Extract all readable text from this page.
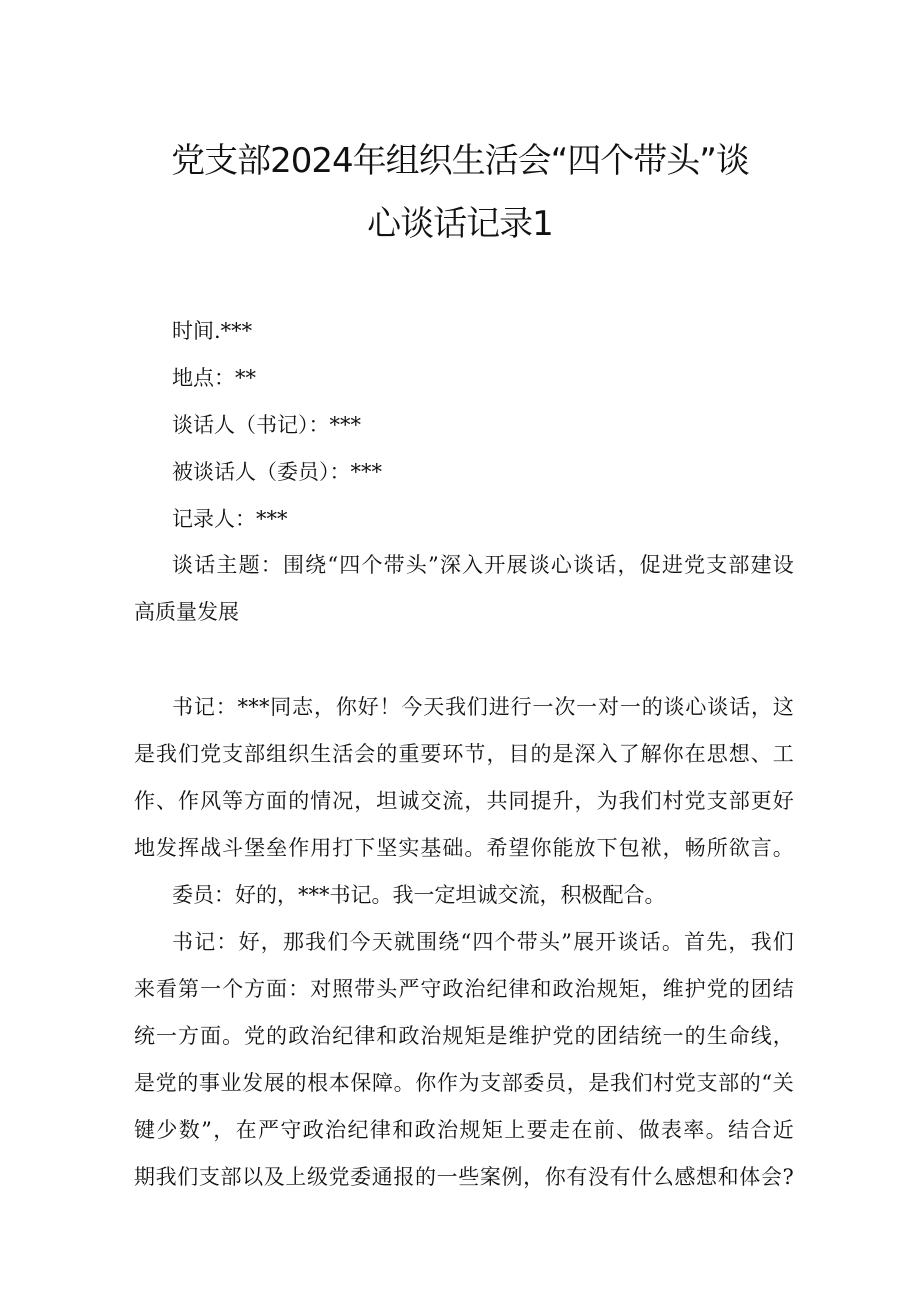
党支部2024年组织生活会“四个带头”谈
心谈话记录1
时间.***
地点：**
谈话人（书记）：***
被谈话人（委员）：***
记录人：***
谈话主题：围绕“四个带头”深入开展谈心谈话，促进党支部建设
高质量发展
书记：***同志，你好！今天我们进行一次一对一的谈心谈话，这
是我们党支部组织生活会的重要环节，目的是深入了解你在思想、工
作、作风等方面的情况，坦诚交流，共同提升，为我们村党支部更好
地发挥战斗堡垒作用打下坚实基础。希望你能放下包袱，畅所欲言。
委员：好的，***书记。我一定坦诚交流，积极配合。
书记：好，那我们今天就围绕“四个带头”展开谈话。首先，我们
来看第一个方面：对照带头严守政治纪律和政治规矩，维护党的团结
统一方面。党的政治纪律和政治规矩是维护党的团结统一的生命线，
是党的事业发展的根本保障。你作为支部委员，是我们村党支部的“关
键少数”，在严守政治纪律和政治规矩上要走在前、做表率。结合近
期我们支部以及上级党委通报的一些案例，你有没有什么感想和体会?
